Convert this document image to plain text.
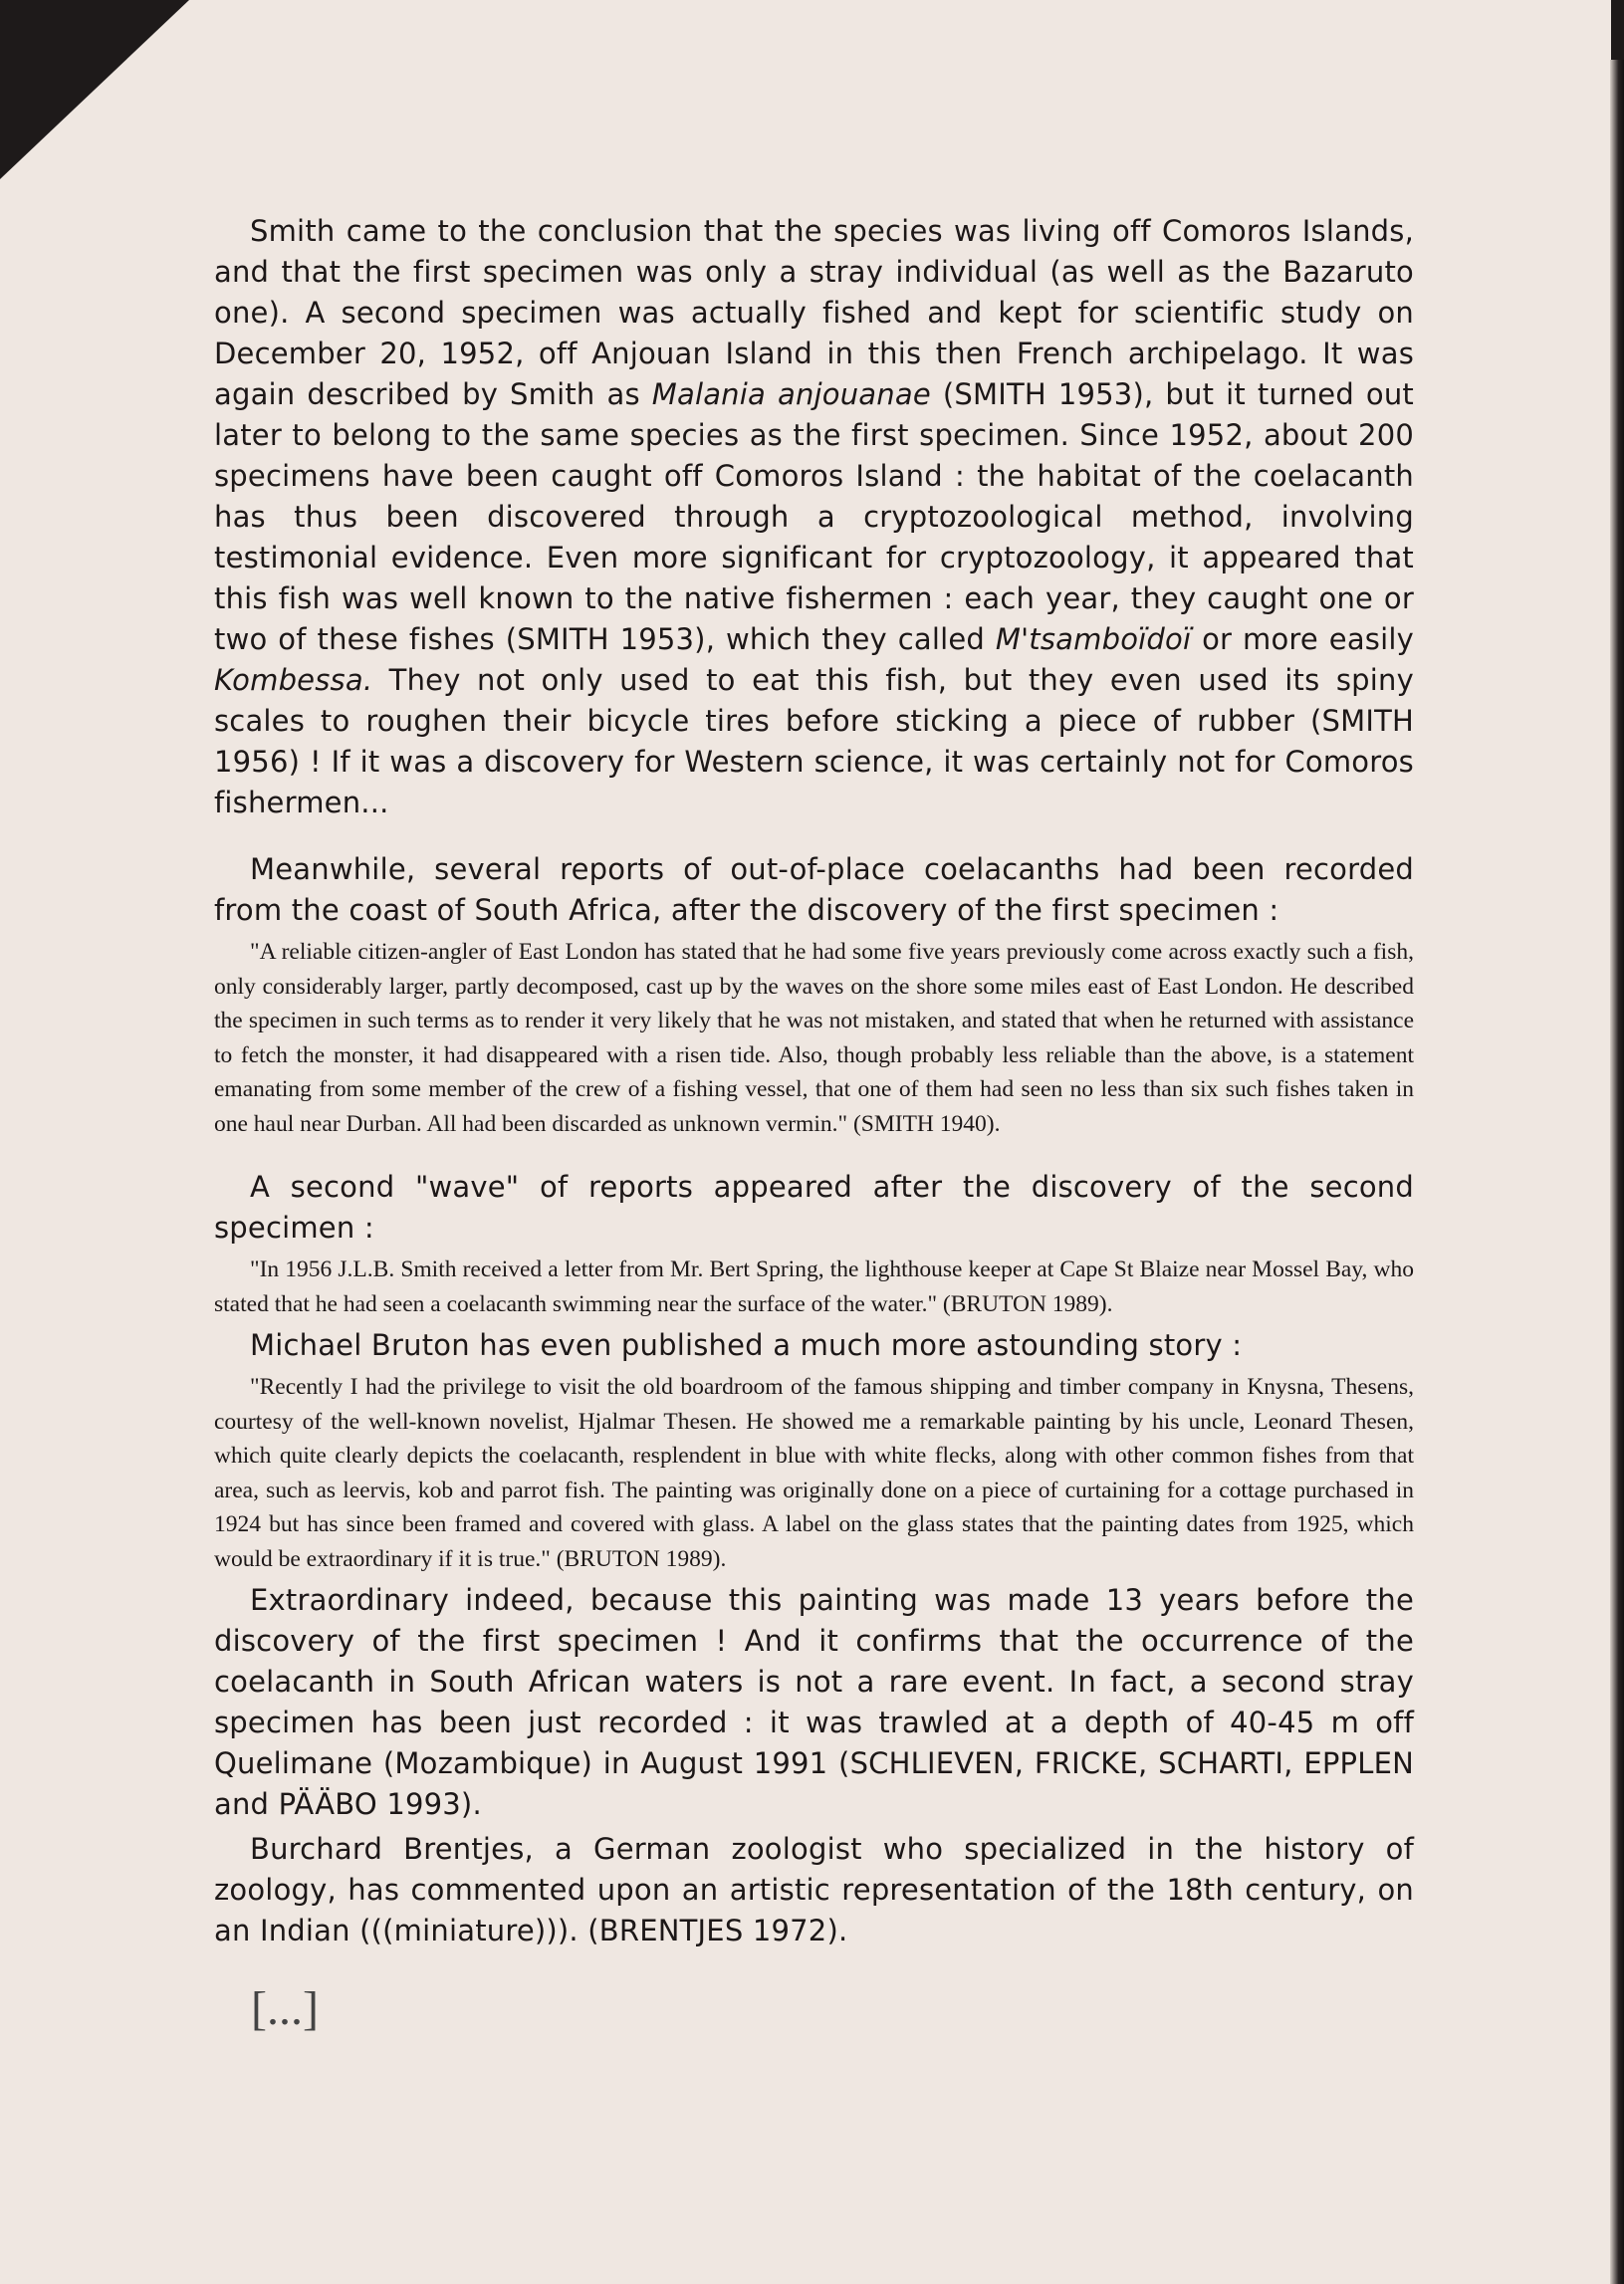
Smith came to the conclusion that the species was living off Comoros Islands, and that the first specimen was only a stray individual (as well as the Bazaruto one). A second specimen was actually fished and kept for scientific study on December 20, 1952, off Anjouan Island in this then French archipelago. It was again described by Smith as Malania anjouanae (SMITH 1953), but it turned out later to belong to the same species as the first specimen. Since 1952, about 200 specimens have been caught off Comoros Island : the habitat of the coelacanth has thus been discovered through a cryptozoological method, involving testimonial evidence. Even more significant for cryptozoology, it appeared that this fish was well known to the native fishermen : each year, they caught one or two of these fishes (SMITH 1953), which they called M'tsamboïdoï or more easily Kombessa. They not only used to eat this fish, but they even used its spiny scales to roughen their bicycle tires before sticking a piece of rubber (SMITH 1956) ! If it was a discovery for Western science, it was certainly not for Comoros fishermen...

Meanwhile, several reports of out-of-place coelacanths had been recorded from the coast of South Africa, after the discovery of the first specimen :

"A reliable citizen-angler of East London has stated that he had some five years previously come across exactly such a fish, only considerably larger, partly decomposed, cast up by the waves on the shore some miles east of East London. He described the specimen in such terms as to render it very likely that he was not mistaken, and stated that when he returned with assistance to fetch the monster, it had disappeared with a risen tide. Also, though probably less reliable than the above, is a statement emanating from some member of the crew of a fishing vessel, that one of them had seen no less than six such fishes taken in one haul near Durban. All had been discarded as unknown vermin." (SMITH 1940).

A second "wave" of reports appeared after the discovery of the second specimen :

"In 1956 J.L.B. Smith received a letter from Mr. Bert Spring, the lighthouse keeper at Cape St Blaize near Mossel Bay, who stated that he had seen a coelacanth swimming near the surface of the water." (BRUTON 1989).

Michael Bruton has even published a much more astounding story :

"Recently I had the privilege to visit the old boardroom of the famous shipping and timber company in Knysna, Thesens, courtesy of the well-known novelist, Hjalmar Thesen. He showed me a remarkable painting by his uncle, Leonard Thesen, which quite clearly depicts the coelacanth, resplendent in blue with white flecks, along with other common fishes from that area, such as leervis, kob and parrot fish. The painting was originally done on a piece of curtaining for a cottage purchased in 1924 but has since been framed and covered with glass. A label on the glass states that the painting dates from 1925, which would be extraordinary if it is true." (BRUTON 1989).

Extraordinary indeed, because this painting was made 13 years before the discovery of the first specimen ! And it confirms that the occurrence of the coelacanth in South African waters is not a rare event. In fact, a second stray specimen has been just recorded : it was trawled at a depth of 40-45 m off Quelimane (Mozambique) in August 1991 (SCHLIEVEN, FRICKE, SCHARTI, EPPLEN and PÄÄBO 1993).

Burchard Brentjes, a German zoologist who specialized in the history of zoology, has commented upon an artistic representation of the 18th century, on an Indian (((miniature))). (BRENTJES 1972).

[...]
